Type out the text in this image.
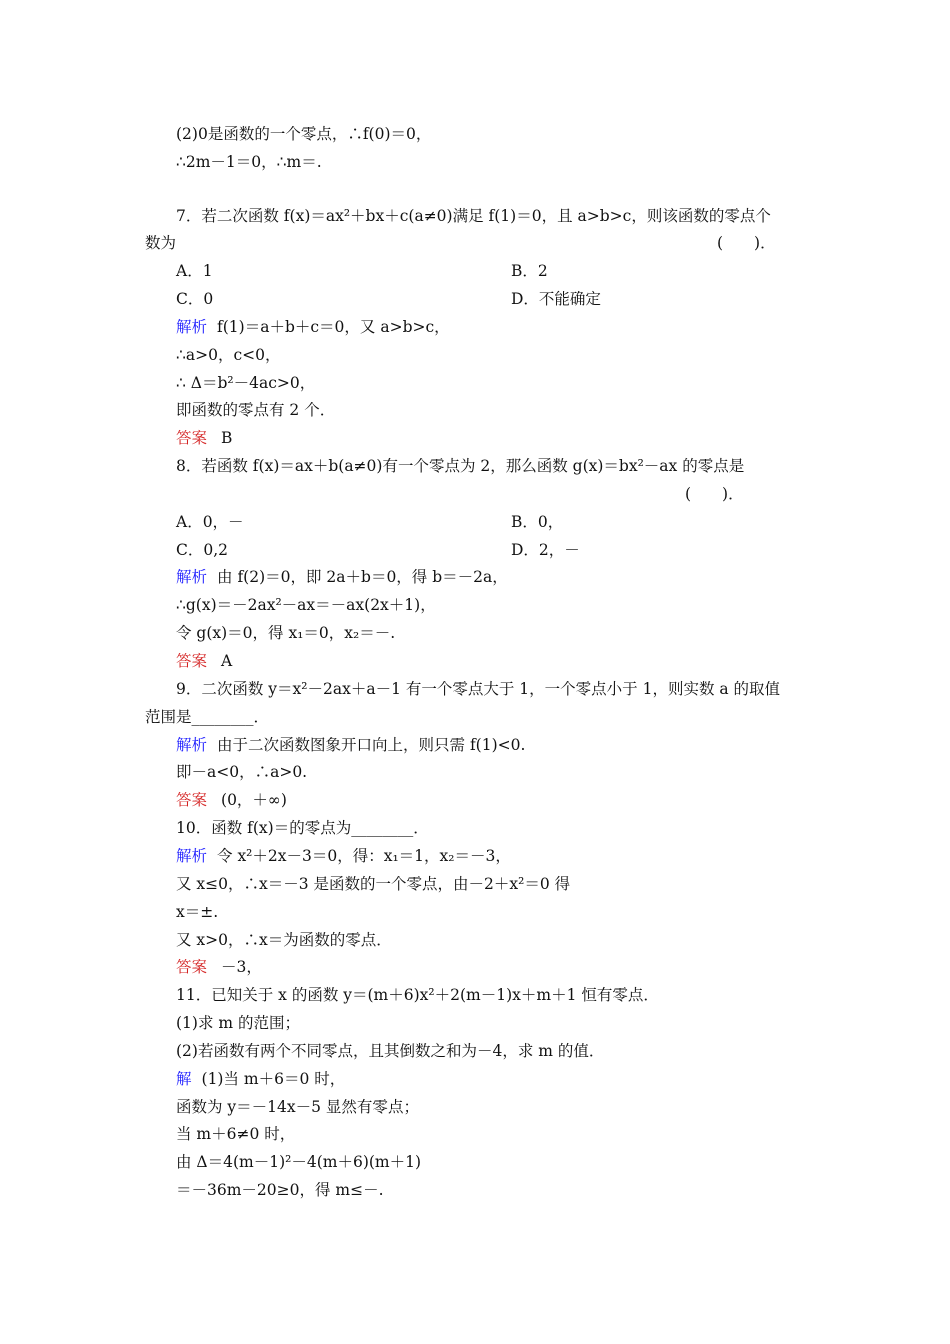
(2)0是函数的一个零点，∴f(0)＝0，
∴2m－1＝0，∴m＝.
7．若二次函数 f(x)＝ax²＋bx＋c(a≠0)满足 f(1)＝0，且 a>b>c，则该函数的零点个
数为	(　　)．
A．1	B．2
C．0	D．不能确定
解析 f(1)＝a＋b＋c＝0，又 a>b>c，
∴a>0，c<0，
∴ Δ＝b²－4ac>0，
即函数的零点有 2 个．
答案 B
8．若函数 f(x)＝ax＋b(a≠0)有一个零点为 2，那么函数 g(x)＝bx²－ax 的零点是
(　　)．
A．0，－	B．0，
C．0,2	D．2，－
解析 由 f(2)＝0，即 2a＋b＝0，得 b＝－2a，
∴g(x)＝－2ax²－ax＝－ax(2x＋1)，
令 g(x)＝0，得 x₁＝0，x₂＝－.
答案 A
9．二次函数 y＝x²－2ax＋a－1 有一个零点大于 1，一个零点小于 1，则实数 a 的取值
范围是________．
解析 由于二次函数图象开口向上，则只需 f(1)<0.
即－a<0，∴a>0.
答案 (0，＋∞)
10．函数 f(x)＝的零点为________．
解析 令 x²＋2x－3＝0，得：x₁＝1，x₂＝－3，
又 x≤0，∴x＝－3 是函数的一个零点，由－2＋x²＝0 得
x＝±.
又 x>0，∴x＝为函数的零点．
答案 －3，
11．已知关于 x 的函数 y＝(m＋6)x²＋2(m－1)x＋m＋1 恒有零点．
(1)求 m 的范围；
(2)若函数有两个不同零点，且其倒数之和为－4，求 m 的值．
解 (1)当 m＋6＝0 时，
函数为 y＝－14x－5 显然有零点；
当 m＋6≠0 时，
由 Δ＝4(m－1)²－4(m＋6)(m＋1)
＝－36m－20≥0，得 m≤－.
